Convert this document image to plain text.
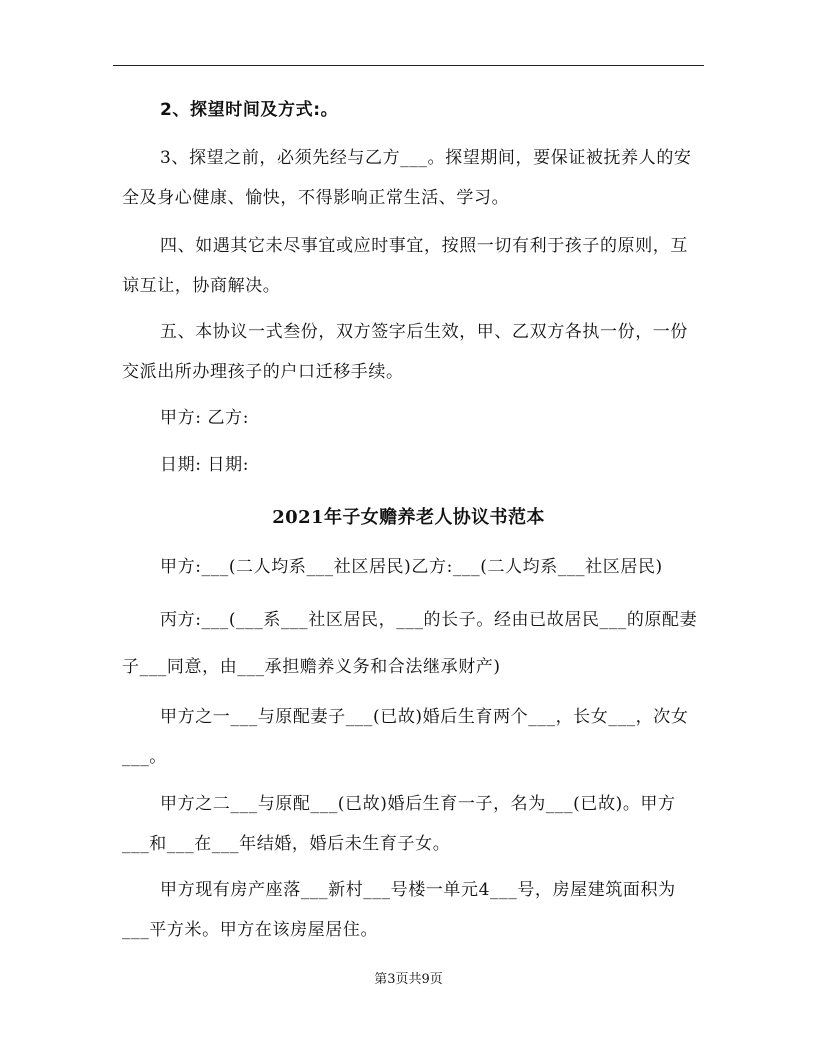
2、探望时间及方式:。

3、探望之前，必须先经与乙方___。探望期间，要保证被抚养人的安全及身心健康、愉快，不得影响正常生活、学习。

四、如遇其它未尽事宜或应时事宜，按照一切有利于孩子的原则，互谅互让，协商解决。

五、本协议一式叁份，双方签字后生效，甲、乙双方各执一份，一份交派出所办理孩子的户口迁移手续。

甲方: 乙方:

日期: 日期:

2021年子女赡养老人协议书范本

甲方:___(二人均系___社区居民)乙方:___(二人均系___社区居民)

丙方:___(___系___社区居民，___的长子。经由已故居民___的原配妻子___同意，由___承担赡养义务和合法继承财产)

甲方之一___与原配妻子___(已故)婚后生育两个___，长女___，次女___。

甲方之二___与原配___(已故)婚后生育一子，名为___(已故)。甲方___和___在___年结婚，婚后未生育子女。

甲方现有房产座落___新村___号楼一单元4___号，房屋建筑面积为___平方米。甲方在该房屋居住。

第3页共9页
